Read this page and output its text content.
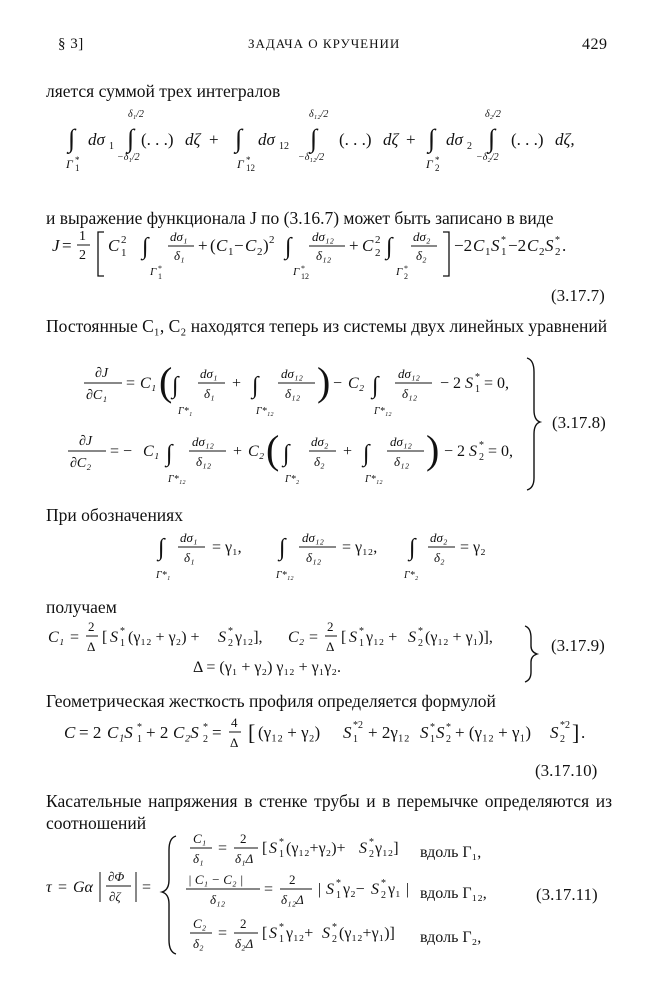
§ 3]	ЗАДАЧА О КРУЧЕНИИ	429
ляется суммой трех интегралов
и выражение функционала J по (3.16.7) может быть записано в виде
Постоянные C₁, C₂ находятся теперь из системы двух линейных уравнений
При обозначениях
получаем
Геометрическая жесткость профиля определяется формулой
Касательные напряжения в стенке трубы и в перемычке определяются из соотношений
∫
Γ *
1
dσ 1 ∫
δ₁/2
−δ₁/2
(. . .) dζ + ∫
Γ *
12
dσ 12 ∫
δ₁₂/2
−δ₁₂/2
(. . .) dζ + ∫
Γ *
2
dσ 2 ∫
δ₂/2
−δ₂/2
(. . .) dζ,
J = 1
2
C 2
1 ∫
Γ *
1
dσ₁
δ₁
+ ( C 1 − C 2 ) 2 ∫
Γ *
12
dσ₁₂
δ₁₂
+ C 2
2 ∫
Γ *
2
dσ₂
δ₂
−2 C 1 S *
1 −2 C 2 S *
2 .
∂J
∂C₁
= C₁ ( ∫
Γ*₁
dσ₁
δ₁
+ ∫
Γ*₁₂
dσ₁₂
δ₁₂ ) − C₂ ∫
Γ*₁₂
dσ₁₂
δ₁₂
− 2 S *
1 = 0,
∂J
∂C₂
= − C₁ ∫
Γ*₁₂
dσ₁₂
δ₁₂
+ C₂ ( ∫
Γ*₂
dσ₂
δ₂
+ ∫
Γ*₁₂
dσ₁₂
δ₁₂ ) − 2 S *
2 = 0,
∫
Γ*₁
dσ₁
δ₁
= γ₁, ∫
Γ*₁₂
dσ₁₂
δ₁₂
= γ₁₂, ∫
Γ*₂
dσ₂
δ₂
= γ₂
C₁ =
2
Δ
[ S *
1 (γ₁₂ + γ₂) + S *
2 γ₁₂], C₂ =
2
Δ
[ S *
1 γ₁₂ + S *
2 (γ₁₂ + γ₁)],
Δ = (γ₁ + γ₂) γ₁₂ + γ₁γ₂.
C = 2 C₁S *
1 + 2 C₂S *
2 =
4
Δ [ (γ₁₂ + γ₂) S *2
1 + 2γ₁₂ S *
1 S *
2 + (γ₁₂ + γ₁) S *2
2 ] .
τ = Gα
∂Φ
∂ζ
=
C₁
δ₁
=
2
δ₁Δ
[ S *
1 (γ₁₂+γ₂)+ S *
2 γ₁₂] вдоль Γ₁,
| C₁ − C₂ |
δ₁₂
=
2
δ₁₂Δ
| S *
1 γ₂− S *
2 γ₁ | вдоль Γ₁₂,
C₂
δ₂
=
2
δ₂Δ
[ S *
1 γ₁₂+ S *
2 (γ₁₂+γ₁)] вдоль Γ₂,
(3.17.7)
(3.17.8)
(3.17.9)
(3.17.10)
(3.17.11)
∫_{Γ1*} dσ1 ∫_{−δ1/2}^{δ1/2} (. . .) dζ + ∫_{Γ12*} dσ12 ∫_{−δ12/2}^{δ12/2} (. . .) dζ + ∫_{Γ2*} dσ2 ∫_{−δ2/2}^{δ2/2} (. . .) dζ, J = 1/2 [ C1² ∫_{Γ1*} dσ1/δ1 + (C1 − C2)² ∫_{Γ12*} dσ12/δ12 + C2² ∫_{Γ2*} dσ2/δ2 ] − 2C1S1* − 2C2S2*. ∂J/∂C1 = C1 ( ∫_{Γ1*} dσ1/δ1 + ∫_{Γ12*} dσ12/δ12 ) − C2 ∫_{Γ12*} dσ12/δ12 − 2S1* = 0, ∂J/∂C2 = − C1 ∫_{Γ12*} dσ12/δ12 + C2 ( ∫_{Γ2*} dσ2/δ2 + ∫_{Γ12*} dσ12/δ12 ) − 2S2* = 0, ∫_{Γ1*} dσ1/δ1 = γ1, ∫_{Γ12*} dσ12/δ12 = γ12, ∫_{Γ2*} dσ2/δ2 = γ2 C1 = 2/Δ [ S1* (γ12 + γ2) + S2*γ12 ], C2 = 2/Δ [ S1*γ12 + S2* (γ12 + γ1) ], Δ = (γ1 + γ2) γ12 + γ1γ2. C = 2C1S1* + 2C2S2* = 4/Δ [ (γ12 + γ2) S1*² + 2γ12S1*S2* + (γ12 + γ1) S2*² ]. τ = Gα |∂Φ/∂ζ| = { C1/δ1 = 2/(δ1Δ) [ S1* (γ12 + γ2) + S2*γ12 ] вдоль Γ1, |C1 − C2|/δ12 = 2/(δ12Δ) | S1*γ2 − S2*γ1 | вдоль Γ12, C2/δ2 = 2/(δ2Δ) [ S1*γ12 + S2* (γ12 + γ1) ] вдоль Γ2,
